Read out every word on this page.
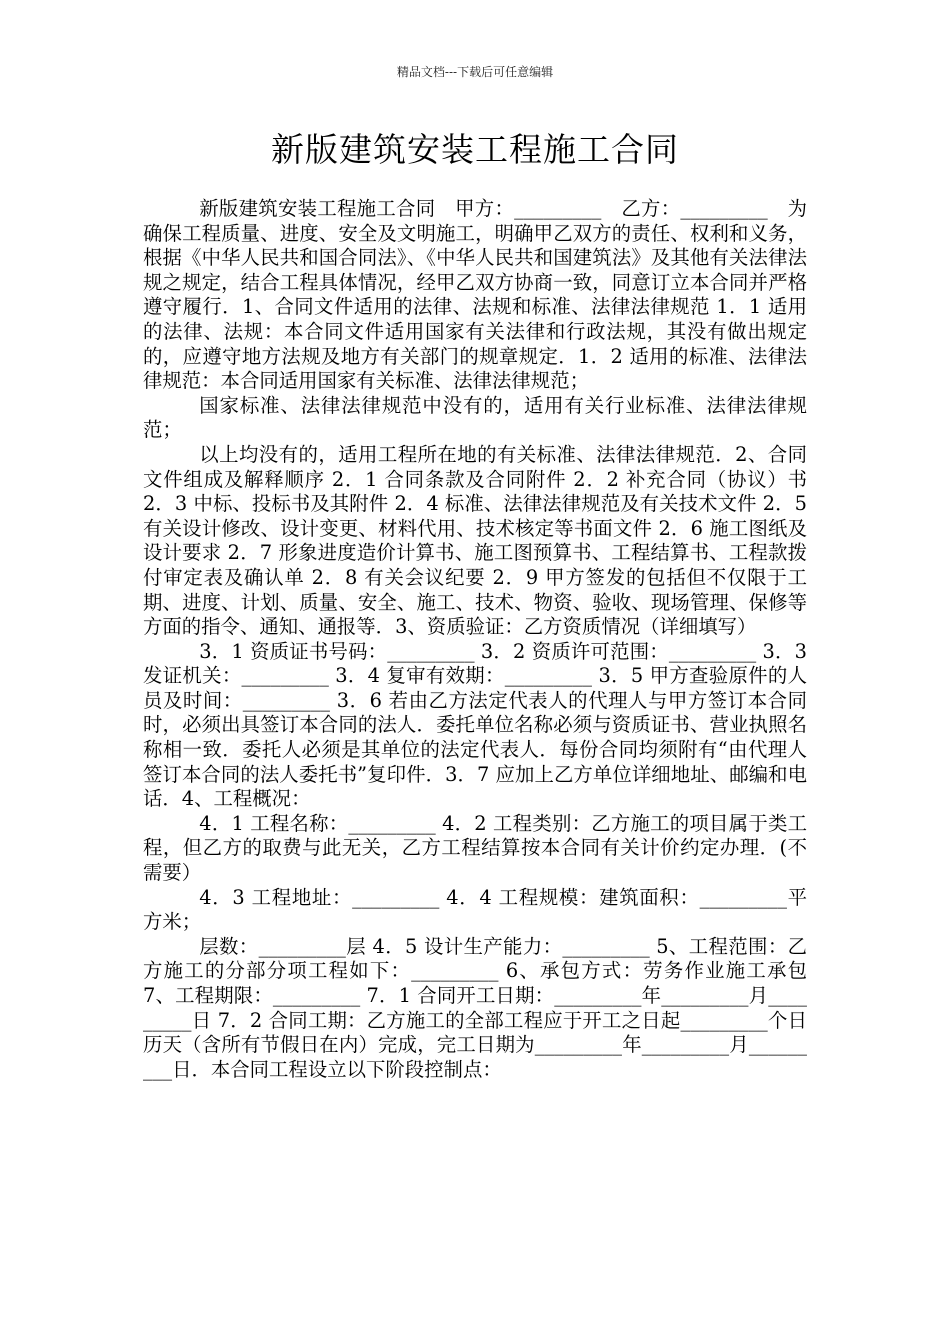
精品文档---下载后可任意编辑
新版建筑安装工程施工合同

新版建筑安装工程施工合同　甲方：_________　乙方：_________　为确保工程质量、进度、安全及文明施工，明确甲乙双方的责任、权利和义务，根据《中华人民共和国合同法》、《中华人民共和国建筑法》及其他有关法律法规之规定，结合工程具体情况，经甲乙双方协商一致，同意订立本合同并严格遵守履行．1、合同文件适用的法律、法规和标准、法律法律规范 1．1 适用的法律、法规：本合同文件适用国家有关法律和行政法规，其没有做出规定的，应遵守地方法规及地方有关部门的规章规定．1．2 适用的标准、法律法律规范：本合同适用国家有关标准、法律法律规范；

国家标准、法律法律规范中没有的，适用有关行业标准、法律法律规范；

以上均没有的，适用工程所在地的有关标准、法律法律规范．2、合同文件组成及解释顺序 2．1 合同条款及合同附件 2．2 补充合同（协议）书 2．3 中标、投标书及其附件 2．4 标准、法律法律规范及有关技术文件 2．5 有关设计修改、设计变更、材料代用、技术核定等书面文件 2．6 施工图纸及设计要求 2．7 形象进度造价计算书、施工图预算书、工程结算书、工程款拨付审定表及确认单 2．8 有关会议纪要 2．9 甲方签发的包括但不仅限于工期、进度、计划、质量、安全、施工、技术、物资、验收、现场管理、保修等方面的指令、通知、通报等．3、资质验证：乙方资质情况（详细填写）

3．1 资质证书号码：_________ 3．2 资质许可范围：_________ 3．3 发证机关：_________ 3．4 复审有效期：_________ 3．5 甲方查验原件的人员及时间：_________ 3．6 若由乙方法定代表人的代理人与甲方签订本合同时，必须出具签订本合同的法人．委托单位名称必须与资质证书、营业执照名称相一致．委托人必须是其单位的法定代表人．每份合同均须附有“由代理人签订本合同的法人委托书”复印件．3．7 应加上乙方单位详细地址、邮编和电话．4、工程概况：

4．1 工程名称：_________ 4．2 工程类别：乙方施工的项目属于类工程，但乙方的取费与此无关，乙方工程结算按本合同有关计价约定办理．(不需要）

4．3 工程地址：_________ 4．4 工程规模：建筑面积：_________平方米；

层数：_________层 4．5 设计生产能力：_________ 5、工程范围：乙方施工的分部分项工程如下：_________ 6、承包方式：劳务作业施工承包 7、工程期限：_________ 7．1 合同开工日期：_________年_________月_________日 7．2 合同工期：乙方施工的全部工程应于开工之日起_________个日历天（含所有节假日在内）完成，完工日期为_________年_________月_________日．本合同工程设立以下阶段控制点：
